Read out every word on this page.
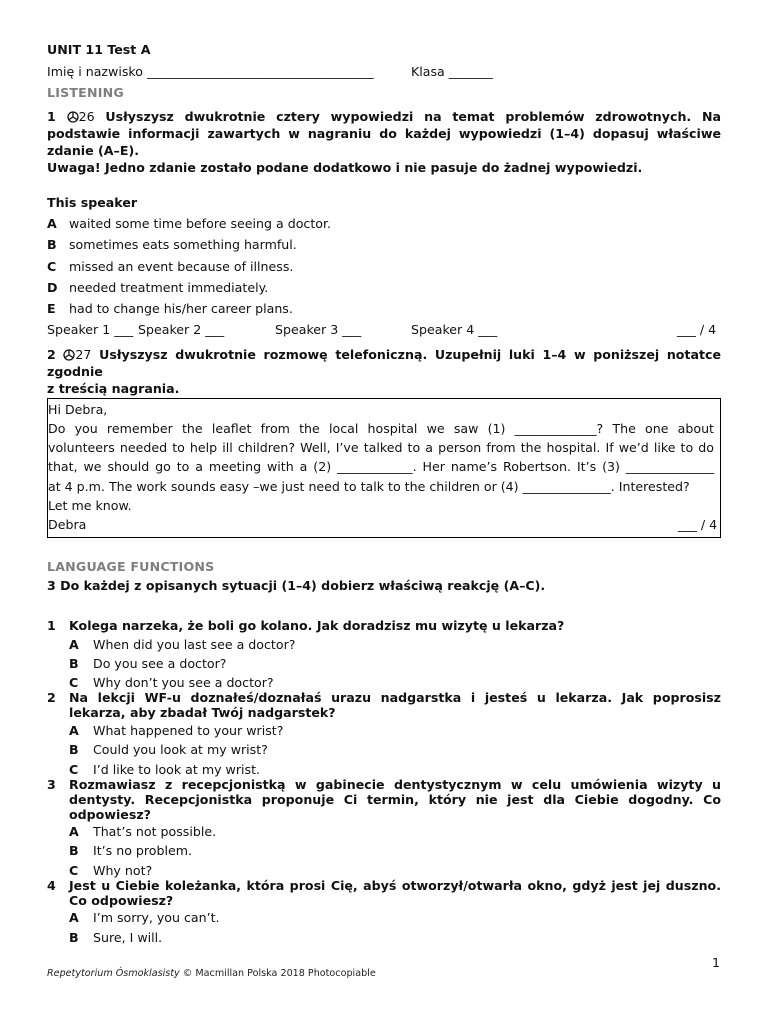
UNIT 11 Test A
Imię i nazwisko ____________________________________	Klasa _______
LISTENING
1 26 Usłyszysz dwukrotnie cztery wypowiedzi na temat problemów zdrowotnych. Na podstawie informacji zawartych w nagraniu do każdej wypowiedzi (1–4) dopasuj właściwe zdanie (A–E).
Uwaga! Jedno zdanie zostało podane dodatkowo i nie pasuje do żadnej wypowiedzi.
This speaker
A waited some time before seeing a doctor.
B sometimes eats something harmful.
C missed an event because of illness.
D needed treatment immediately.
E had to change his/her career plans.
Speaker 1 ___ Speaker 2 ___	Speaker 3 ___	Speaker 4 ___	___ / 4
2 27 Usłyszysz dwukrotnie rozmowę telefoniczną. Uzupełnij luki 1–4 w poniższej notatce zgodnie
z treścią nagrania.
Hi Debra,
Do you remember the leaflet from the local hospital we saw (1) _____________? The one about
volunteers needed to help ill children? Well, I’ve talked to a person from the hospital. If we’d like to do
that, we should go to a meeting with a (2) ____________. Her name’s Robertson. It’s (3) ______________
at 4 p.m. The work sounds easy –we just need to talk to the children or (4) ______________. Interested?
Let me know.
Debra	___ / 4
LANGUAGE FUNCTIONS
3 Do każdej z opisanych sytuacji (1–4) dobierz właściwą reakcję (A–C).
1 Kolega narzeka, że boli go kolano. Jak doradzisz mu wizytę u lekarza?
A When did you last see a doctor?
B Do you see a doctor?
C Why don’t you see a doctor?
2 Na lekcji WF-u doznałeś/doznałaś urazu nadgarstka i jesteś u lekarza. Jak poprosisz lekarza, aby zbadał Twój nadgarstek?
A What happened to your wrist?
B Could you look at my wrist?
C I’d like to look at my wrist.
3 Rozmawiasz z recepcjonistką w gabinecie dentystycznym w celu umówienia wizyty u dentysty. Recepcjonistka proponuje Ci termin, który nie jest dla Ciebie dogodny. Co odpowiesz?
A That’s not possible.
B It’s no problem.
C Why not?
4 Jest u Ciebie koleżanka, która prosi Cię, abyś otworzył/otwarła okno, gdyż jest jej duszno. Co odpowiesz?
A I’m sorry, you can’t.
B Sure, I will.
1
Repetytorium Ósmoklasisty © Macmillan Polska 2018 Photocopiable
